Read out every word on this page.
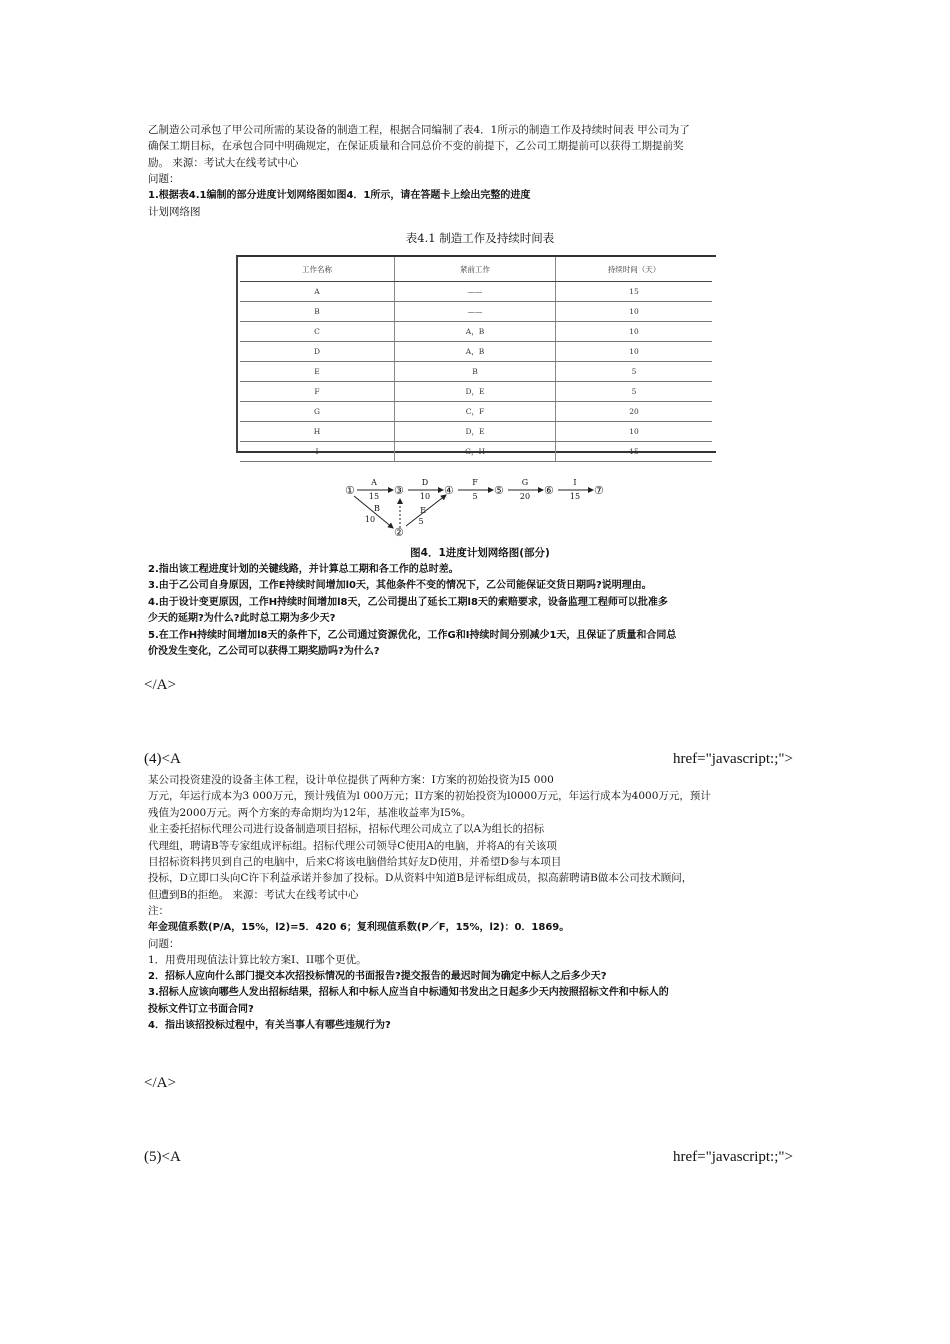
乙制造公司承包了甲公司所需的某设备的制造工程，根据合同编制了表4．1所示的制造工作及持续时间表 甲公司为了

确保工期目标，在承包合同中明确规定，在保证质量和合同总价不变的前提下，乙公司工期提前可以获得工期提前奖

励。 来源：考试大在线考试中心

问题：

1.根据表4.1编制的部分进度计划网络图如图4．1所示，请在答题卡上绘出完整的进度

计划网络图

表4.1 制造工作及持续时间表
工作名称	紧前工作	持续时间（天）
A	——	15
B	——	10
C	A，B	10
D	A，B	10
E	B	5
F	D，E	5
G	C，F	20
H	D，E	10
I	G，H	15
①
②
③	④	⑤	⑥	⑦
A
15
B
10
D
10
E
5
F
5
G
20
I
15
图4．1进度计划网络图(部分)

2.指出该工程进度计划的关键线路，并计算总工期和各工作的总时差。

3.由于乙公司自身原因，工作E持续时间增加l0天，其他条件不变的情况下，乙公司能保证交货日期吗?说明理由。

4.由于设计变更原因，工作H持续时间增加l8天，乙公司提出了延长工期l8天的索赔要求，设备监理工程师可以批准多

少天的延期?为什么?此时总工期为多少天?

5.在工作H持续时间增加l8天的条件下，乙公司通过资源优化，工作G和I持续时间分别减少1天，且保证了质量和合同总

价没发生变化，乙公司可以获得工期奖励吗?为什么?

</A>
(4)<A	href="javascript:;">

某公司投资建没的设备主体工程，设计单位提供了两种方案：I方案的初始投资为I5 000

万元，年运行成本为3 000万元，预计残值为l 000万元；II方案的初始投资为l0000万元，年运行成本为4000万元，预计

残值为2000万元。两个方案的寿命期均为12年，基准收益率为I5%。

业主委托招标代理公司进行设备制造项目招标，招标代理公司成立了以A为组长的招标

代理组，聘请B等专家组成评标组。招标代理公司领导C使用A的电脑，并将A的有关该项

目招标资料拷贝到自己的电脑中，后来C将该电脑借给其好友D使用，并希望D参与本项目

投标，D立即口头向C许下利益承诺并参加了投标。D从资料中知道B是评标组成员，拟高薪聘请B做本公司技术顾问，

但遭到B的拒绝。 来源：考试大在线考试中心

注：

年金现值系数(P/A，15%，l2)=5．420 6；复利现值系数(P／F，15%，l2)：0．1869。

问题：

1．用费用现值法计算比较方案I、II哪个更优。

2．招标人应向什么部门提交本次招投标情况的书面报告?提交报告的最迟时间为确定中标人之后多少天?

3.招标人应该向哪些人发出招标结果，招标人和中标人应当自中标通知书发出之日起多少天内按照招标文件和中标人的

投标文件订立书面合同?

4．指出该招投标过程中，有关当事人有哪些违规行为?

</A>
(5)<A	href="javascript:;">
